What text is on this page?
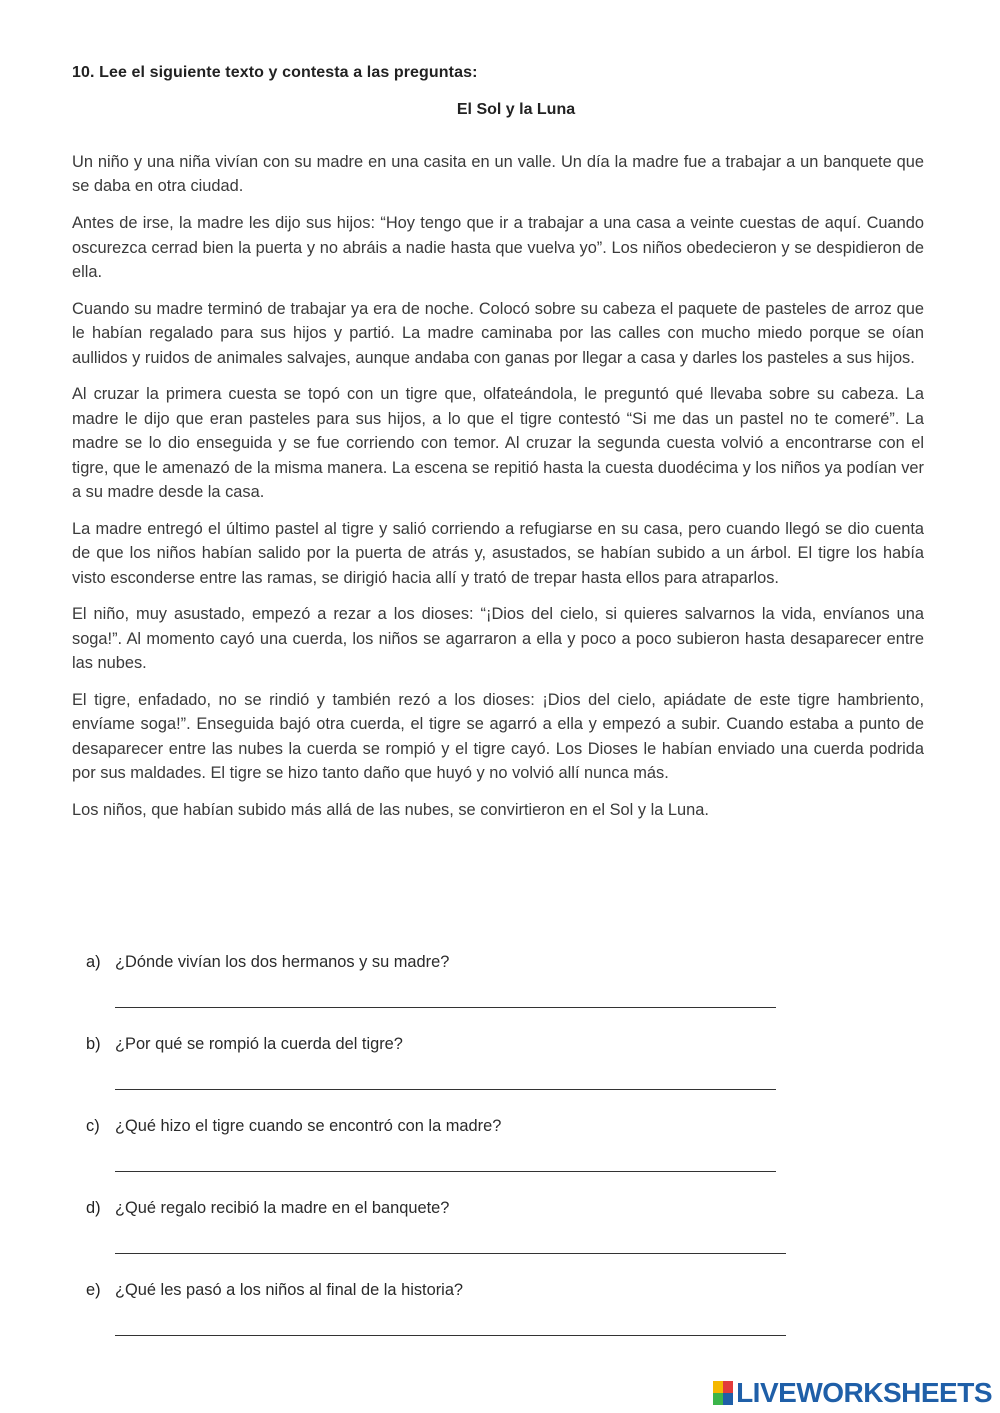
10. Lee el siguiente texto y contesta a las preguntas:
El Sol y la Luna

Un niño y una niña vivían con su madre en una casita en un valle. Un día la madre fue a trabajar a un banquete que se daba en otra ciudad.

Antes de irse, la madre les dijo sus hijos: “Hoy tengo que ir a trabajar a una casa a veinte cuestas de aquí. Cuando oscurezca cerrad bien la puerta y no abráis a nadie hasta que vuelva yo”. Los niños obedecieron y se despidieron de ella.

Cuando su madre terminó de trabajar ya era de noche. Colocó sobre su cabeza el paquete de pasteles de arroz que le habían regalado para sus hijos y partió. La madre caminaba por las calles con mucho miedo porque se oían aullidos y ruidos de animales salvajes, aunque andaba con ganas por llegar a casa y darles los pasteles a sus hijos.

Al cruzar la primera cuesta se topó con un tigre que, olfateándola, le preguntó qué llevaba sobre su cabeza. La madre le dijo que eran pasteles para sus hijos, a lo que el tigre contestó “Si me das un pastel no te comeré”. La madre se lo dio enseguida y se fue corriendo con temor. Al cruzar la segunda cuesta volvió a encontrarse con el tigre, que le amenazó de la misma manera. La escena se repitió hasta la cuesta duodécima y los niños ya podían ver a su madre desde la casa.

La madre entregó el último pastel al tigre y salió corriendo a refugiarse en su casa, pero cuando llegó se dio cuenta de que los niños habían salido por la puerta de atrás y, asustados, se habían subido a un árbol. El tigre los había visto esconderse entre las ramas, se dirigió hacia allí y trató de trepar hasta ellos para atraparlos.

El niño, muy asustado, empezó a rezar a los dioses: “¡Dios del cielo, si quieres salvarnos la vida, envíanos una soga!”. Al momento cayó una cuerda, los niños se agarraron a ella y poco a poco subieron hasta desaparecer entre las nubes.

El tigre, enfadado, no se rindió y también rezó a los dioses: ¡Dios del cielo, apiádate de este tigre hambriento, envíame soga!”. Enseguida bajó otra cuerda, el tigre se agarró a ella y empezó a subir. Cuando estaba a punto de desaparecer entre las nubes la cuerda se rompió y el tigre cayó. Los Dioses le habían enviado una cuerda podrida por sus maldades. El tigre se hizo tanto daño que huyó y no volvió allí nunca más.

Los niños, que habían subido más allá de las nubes, se convirtieron en el Sol y la Luna.

a) ¿Dónde vivían los dos hermanos y su madre?
b) ¿Por qué se rompió la cuerda del tigre?
c) ¿Qué hizo el tigre cuando se encontró con la madre?
d) ¿Qué regalo recibió la madre en el banquete?
e) ¿Qué les pasó a los niños al final de la historia?
LIVEWORKSHEETS
